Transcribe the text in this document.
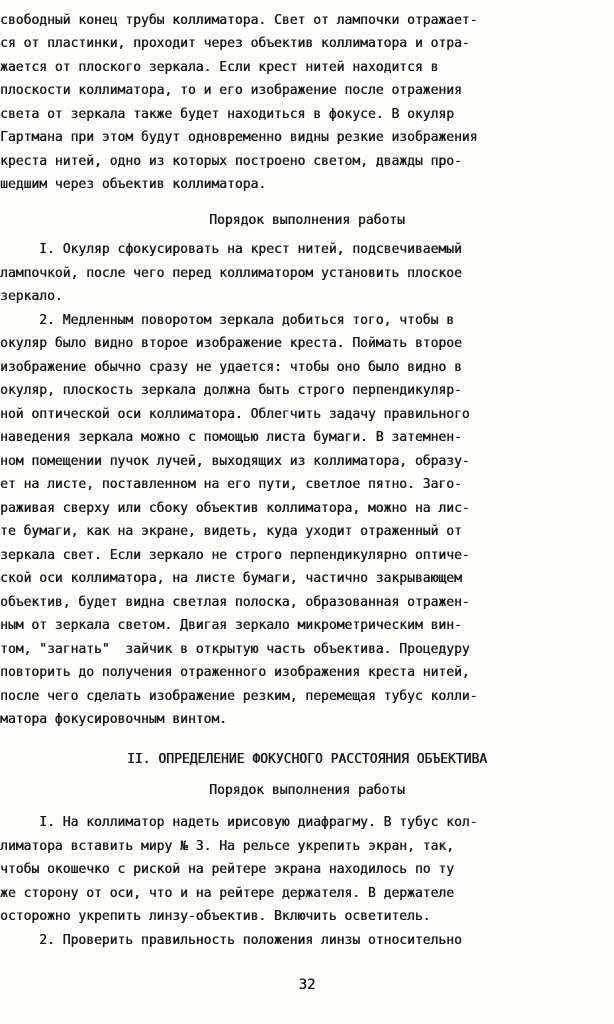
свободный конец трубы коллиматора. Свет от лампочки отражает-
ся от пластинки, проходит через объектив коллиматора и отра-
жается от плоского зеркала. Если крест нитей находится в
плоскости коллиматора, то и его изображение после отражения
света от зеркала также будет находиться в фокусе. В окуляр
Гартмана при этом будут одновременно видны резкие изображения
креста нитей, одно из которых построено светом, дважды про-
шедшим через объектив коллиматора.
Порядок выполнения работы
I. Окуляр сфокусировать на крест нитей, подсвечиваемый
лампочкой, после чего перед коллиматором установить плоское
зеркало.
2. Медленным поворотом зеркала добиться того, чтобы в
окуляр было видно второе изображение креста. Поймать второе
изображение обычно сразу не удается: чтобы оно было видно в
окуляр, плоскость зеркала должна быть строго перпендикуляр-
ной оптической оси коллиматора. Облегчить задачу правильного
наведения зеркала можно с помощью листа бумаги. В затемнен-
ном помещении пучок лучей, выходящих из коллиматора, образу-
ет на листе, поставленном на его пути, светлое пятно. Заго-
раживая сверху или сбоку объектив коллиматора, можно на лис-
те бумаги, как на экране, видеть, куда уходит отраженный от
зеркала свет. Если зеркало не строго перпендикулярно оптиче-
ской оси коллиматора, на листе бумаги, частично закрывающем
объектив, будет видна светлая полоска, образованная отражен-
ным от зеркала светом. Двигая зеркало микрометрическим вин-
том, "загнать"  зайчик в открытую часть объектива. Процедуру
повторить до получения отраженного изображения креста нитей,
после чего сделать изображение резким, перемещая тубус колли-
матора фокусировочным винтом.
II. ОПРЕДЕЛЕНИЕ ФОКУСНОГО РАССТОЯНИЯ ОБЪЕКТИВА
Порядок выполнения работы
I. На коллиматор надеть ирисовую диафрагму. В тубус кол-
лиматора вставить миру № 3. На рельсе укрепить экран, так,
чтобы окошечко с риской на рейтере экрана находилось по ту
же сторону от оси, что и на рейтере держателя. В держателе
осторожно укрепить линзу-объектив. Включить осветитель.
2. Проверить правильность положения линзы относительно
32
